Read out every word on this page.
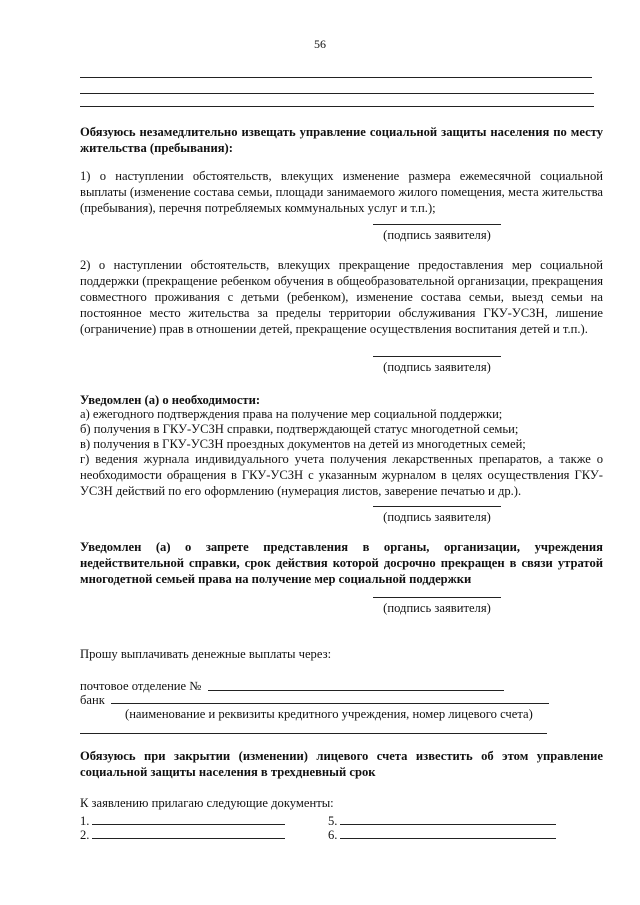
56
Обязуюсь незамедлительно извещать управление социальной защиты населения по месту жительства (пребывания):
1) о наступлении обстоятельств, влекущих изменение размера ежемесячной социальной выплаты (изменение состава семьи, площади занимаемого жилого помещения, места жительства (пребывания), перечня потребляемых коммунальных услуг и т.п.);
(подпись заявителя)
2) о наступлении обстоятельств, влекущих прекращение предоставления мер социальной поддержки (прекращение ребенком обучения в общеобразовательной организации, прекращения совместного проживания с детьми (ребенком), изменение состава семьи, выезд семьи на постоянное место жительства за пределы территории обслуживания ГКУ-УСЗН, лишение (ограничение) прав в отношении детей, прекращение осуществления воспитания детей и т.п.).
(подпись заявителя)
Уведомлен (а) о необходимости:
а) ежегодного подтверждения права на получение мер социальной поддержки;
б) получения в ГКУ-УСЗН справки, подтверждающей статус многодетной семьи;
в) получения в ГКУ-УСЗН проездных документов на детей из многодетных семей;
г) ведения журнала индивидуального учета получения лекарственных препаратов, а также о необходимости обращения в ГКУ-УСЗН с указанным журналом в целях осуществления ГКУ-УСЗН действий по его оформлению (нумерация листов, заверение печатью и др.).
(подпись заявителя)
Уведомлен (а) о запрете представления в органы, организации, учреждения недействительной справки, срок действия которой досрочно прекращен в связи утратой многодетной семьей права на получение мер социальной поддержки
(подпись заявителя)
Прошу выплачивать денежные выплаты через:
почтовое отделение №
банк
(наименование и реквизиты кредитного учреждения, номер лицевого счета)
Обязуюсь при закрытии (изменении) лицевого счета известить об этом управление социальной защиты населения в трехдневный срок
К заявлению прилагаю следующие документы:
1.	5.
2.	6.
